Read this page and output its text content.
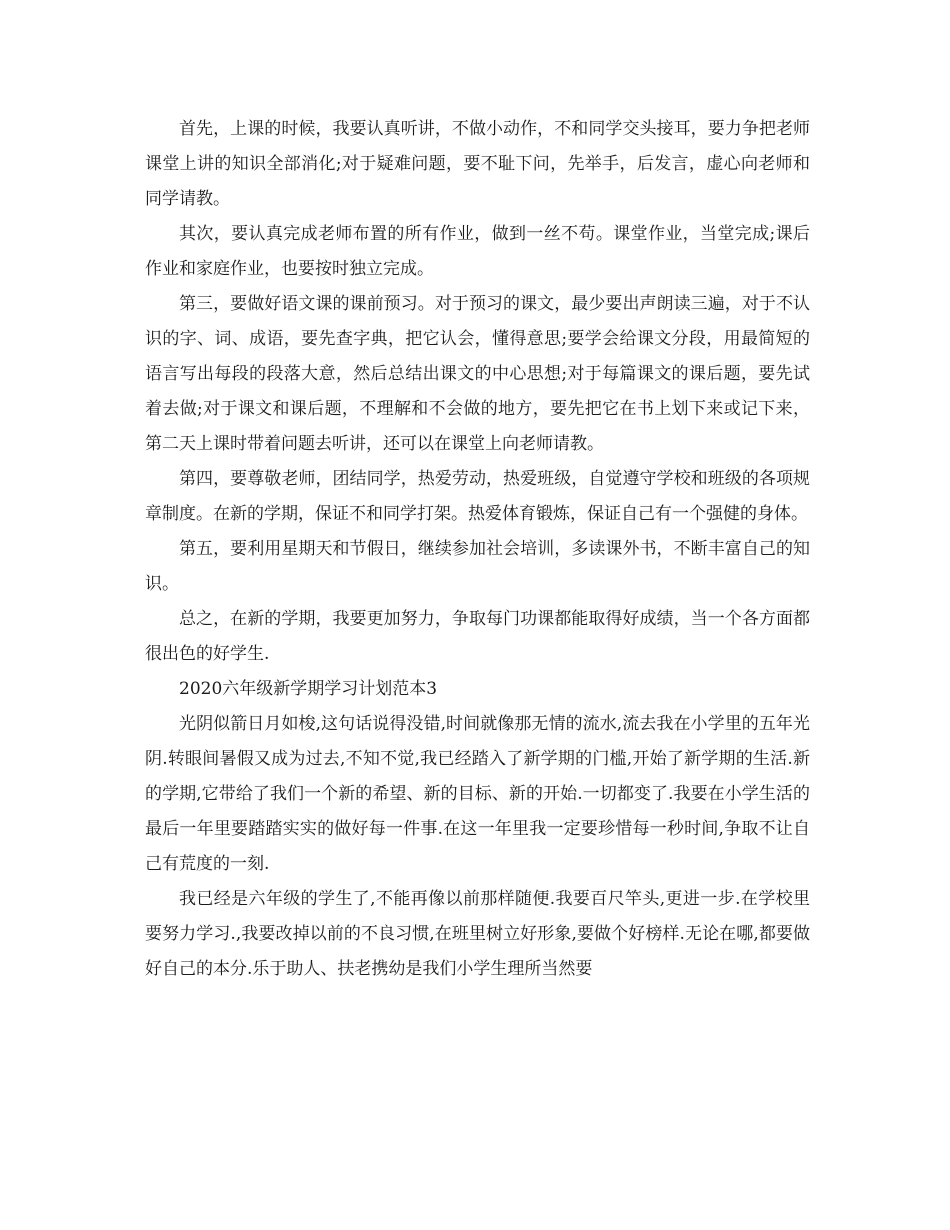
首先，上课的时候，我要认真听讲，不做小动作，不和同学交头接耳，要力争把老师课堂上讲的知识全部消化;对于疑难问题，要不耻下问，先举手，后发言，虚心向老师和同学请教。

其次，要认真完成老师布置的所有作业，做到一丝不苟。课堂作业，当堂完成;课后作业和家庭作业，也要按时独立完成。

第三，要做好语文课的课前预习。对于预习的课文，最少要出声朗读三遍，对于不认识的字、词、成语，要先查字典，把它认会，懂得意思;要学会给课文分段，用最简短的语言写出每段的段落大意，然后总结出课文的中心思想;对于每篇课文的课后题，要先试着去做;对于课文和课后题，不理解和不会做的地方，要先把它在书上划下来或记下来，第二天上课时带着问题去听讲，还可以在课堂上向老师请教。

第四，要尊敬老师，团结同学，热爱劳动，热爱班级，自觉遵守学校和班级的各项规章制度。在新的学期，保证不和同学打架。热爱体育锻炼，保证自己有一个强健的身体。

第五，要利用星期天和节假日，继续参加社会培训，多读课外书，不断丰富自己的知识。

总之，在新的学期，我要更加努力，争取每门功课都能取得好成绩，当一个各方面都很出色的好学生.

2020六年级新学期学习计划范本3

光阴似箭日月如梭,这句话说得没错,时间就像那无情的流水,流去我在小学里的五年光阴.转眼间暑假又成为过去,不知不觉,我已经踏入了新学期的门槛,开始了新学期的生活.新的学期,它带给了我们一个新的希望、新的目标、新的开始.一切都变了.我要在小学生活的最后一年里要踏踏实实的做好每一件事.在这一年里我一定要珍惜每一秒时间,争取不让自己有荒度的一刻.

我已经是六年级的学生了,不能再像以前那样随便.我要百尺竿头,更进一步.在学校里要努力学习.,我要改掉以前的不良习惯,在班里树立好形象,要做个好榜样.无论在哪,都要做好自己的本分.乐于助人、扶老携幼是我们小学生理所当然要
